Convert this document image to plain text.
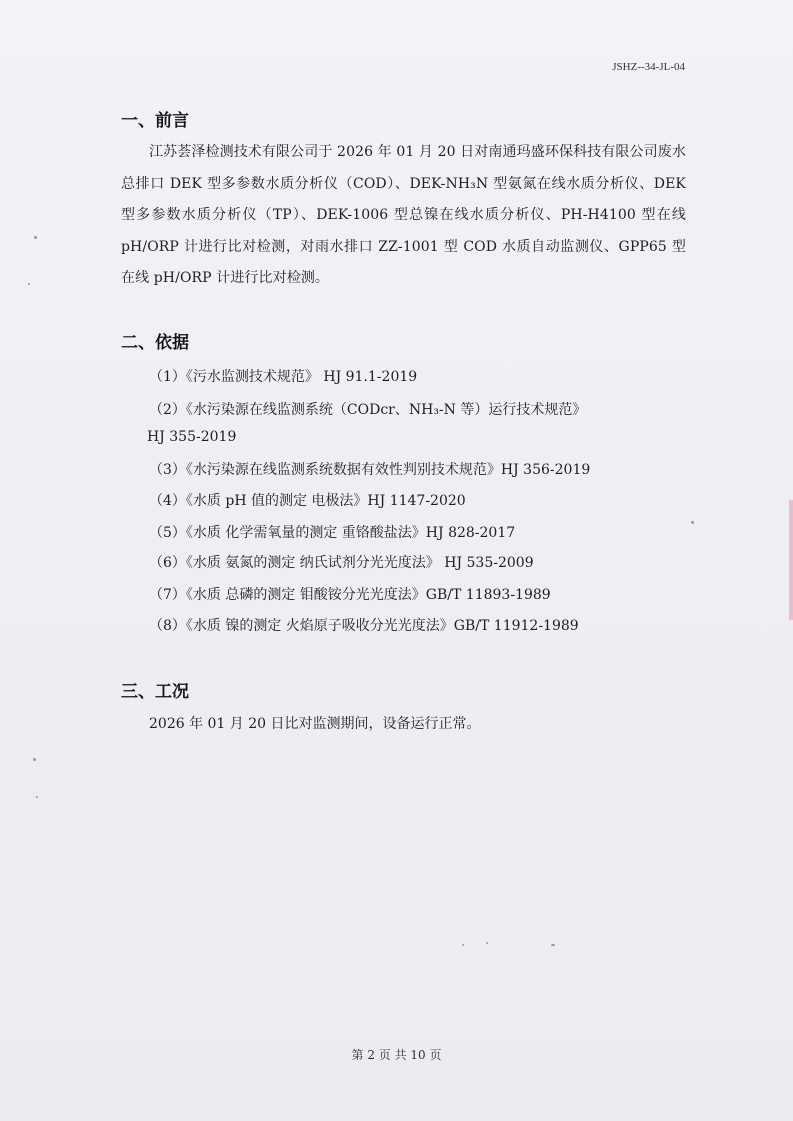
JSHZ--34-JL-04
一、前言
江苏荟泽检测技术有限公司于 2026 年 01 月 20 日对南通玛盛环保科技有限公司废水总排口 DEK 型多参数水质分析仪（COD）、DEK-NH₃N 型氨氮在线水质分析仪、DEK 型多参数水质分析仪（TP）、DEK-1006 型总镍在线水质分析仪、PH-H4100 型在线 pH/ORP 计进行比对检测，对雨水排口 ZZ-1001 型 COD 水质自动监测仪、GPP65 型在线 pH/ORP 计进行比对检测。
二、依据
（1）《污水监测技术规范》 HJ 91.1-2019
（2）《水污染源在线监测系统（CODcr、NH₃-N 等）运行技术规范》
HJ 355-2019
（3）《水污染源在线监测系统数据有效性判别技术规范》HJ 356-2019
（4）《水质 pH 值的测定 电极法》HJ 1147-2020
（5）《水质 化学需氧量的测定 重铬酸盐法》HJ 828-2017
（6）《水质 氨氮的测定 纳氏试剂分光光度法》 HJ 535-2009
（7）《水质 总磷的测定 钼酸铵分光光度法》GB/T 11893-1989
（8）《水质 镍的测定 火焰原子吸收分光光度法》GB/T 11912-1989
三、工况
2026 年 01 月 20 日比对监测期间，设备运行正常。
第 2 页 共 10 页
